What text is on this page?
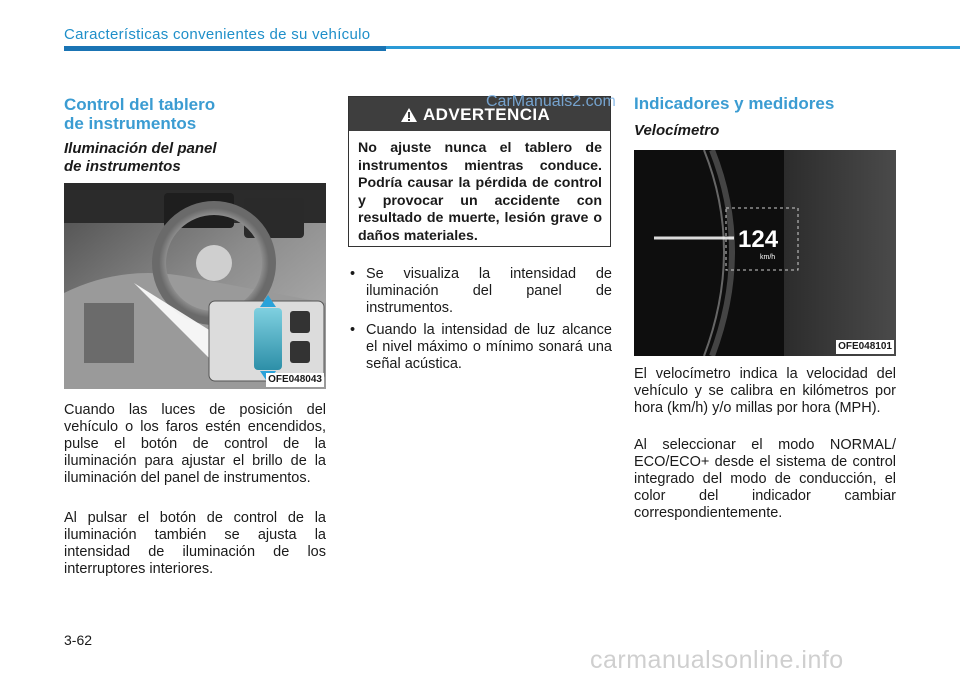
Características convenientes de su vehículo
Control del tablero
de instrumentos
Iluminación del panel
de instrumentos
OFE048043

Cuando las luces de posición del vehículo o los faros estén encendidos, pulse el botón de control de la iluminación para ajustar el brillo de la iluminación del panel de instrumentos.

Al pulsar el botón de control de la iluminación también se ajusta la intensidad de iluminación de los interruptores interiores.

ADVERTENCIA

No ajuste nunca el tablero de instrumentos mientras conduce. Podría causar la pérdida de control y provocar un accidente con resultado de muerte, lesión grave o daños materiales.

• Se visualiza la intensidad de iluminación del panel de instrumentos.
• Cuando la intensidad de luz alcance el nivel máximo o mínimo sonará una señal acústica.
Indicadores y medidores
Velocímetro
124
km/h
OFE048101

El velocímetro indica la velocidad del vehículo y se calibra en kilómetros por hora (km/h) y/o millas por hora (MPH).

Al seleccionar el modo NORMAL/ ECO/ECO+ desde el sistema de control integrado del modo de conducción, el color del indicador cambiar correspondientemente.

3-62
CarManuals2.com
carmanualsonline.info
